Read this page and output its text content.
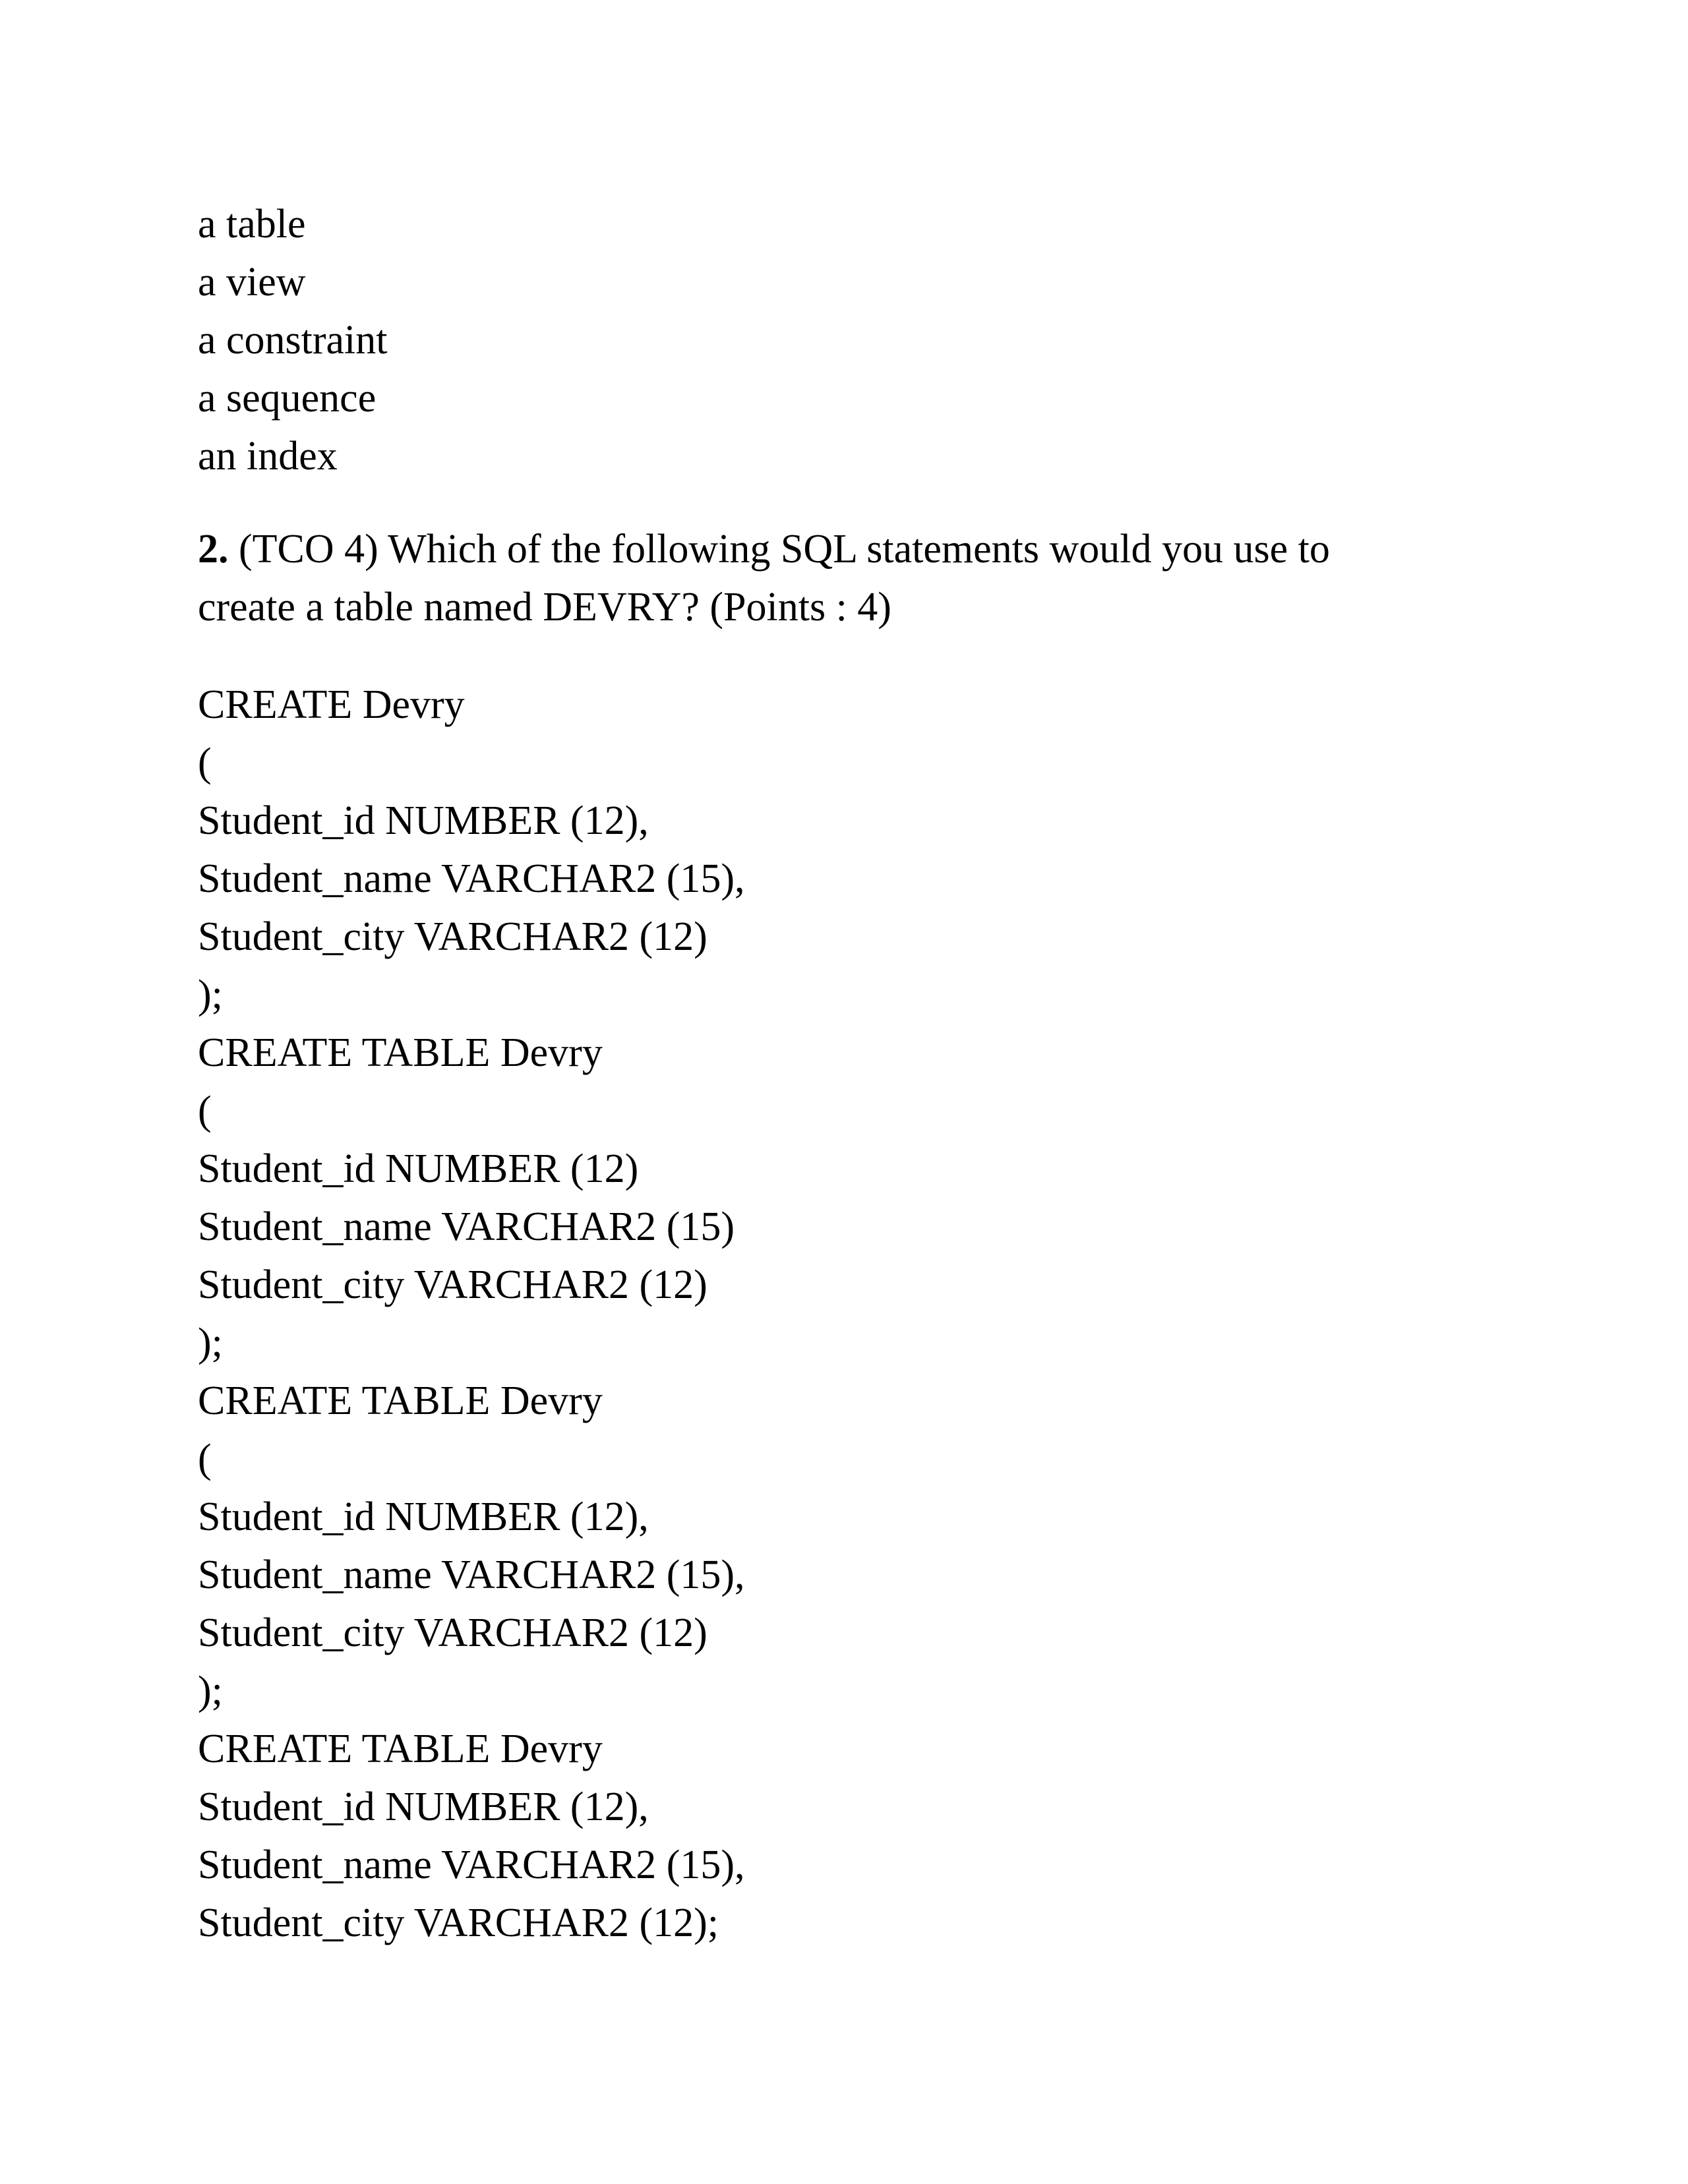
a table
a view
a constraint
a sequence
an index
2. (TCO 4) Which of the following SQL statements would you use to
create a table named DEVRY? (Points : 4)
CREATE Devry
(
Student_id NUMBER (12),
Student_name VARCHAR2 (15),
Student_city VARCHAR2 (12)
);
CREATE TABLE Devry
(
Student_id NUMBER (12)
Student_name VARCHAR2 (15)
Student_city VARCHAR2 (12)
);
CREATE TABLE Devry
(
Student_id NUMBER (12),
Student_name VARCHAR2 (15),
Student_city VARCHAR2 (12)
);
CREATE TABLE Devry
Student_id NUMBER (12),
Student_name VARCHAR2 (15),
Student_city VARCHAR2 (12);
